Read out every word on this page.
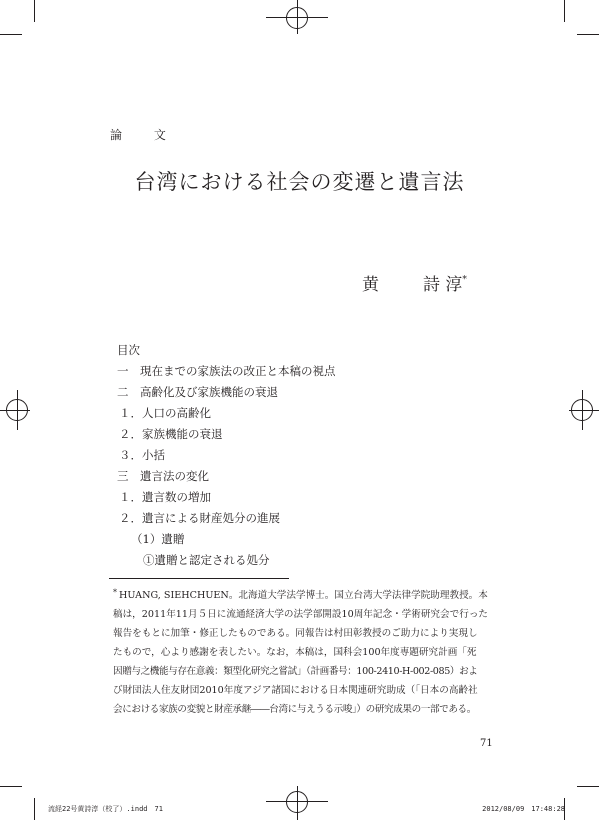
論 文
台湾における社会の変遷と遺言法
黄	詩 淳*
目次
一　現在までの家族法の改正と本稿の視点
二　高齢化及び家族機能の衰退
１．人口の高齢化
２．家族機能の衰退
３．小括
三　遺言法の変化
１．遺言数の増加
２．遺言による財産処分の進展
（1）遺贈
①遺贈と認定される処分
* HUANG, SIEHCHUEN。北海道大学法学博士。国立台湾大学法律学院助理教授。本
稿は，2011年11月５日に流通経済大学の法学部開設10周年記念・学術研究会で行った
報告をもとに加筆・修正したものである。同報告は村田彰教授のご助力により実現し
たもので，心より感謝を表したい。なお，本稿は，国科会100年度専題研究計画「死
因贈与之機能与存在意義：類型化研究之嘗試」（計画番号：100-2410-H-002-085）およ
び財団法人住友財団2010年度アジア諸国における日本関連研究助成（「日本の高齢社
会における家族の変貌と財産承継――台湾に与えうる示唆」）の研究成果の一部である。
71
流経22号黄詩淳（校了）.indd　71	2012/08/09　17:48:28
